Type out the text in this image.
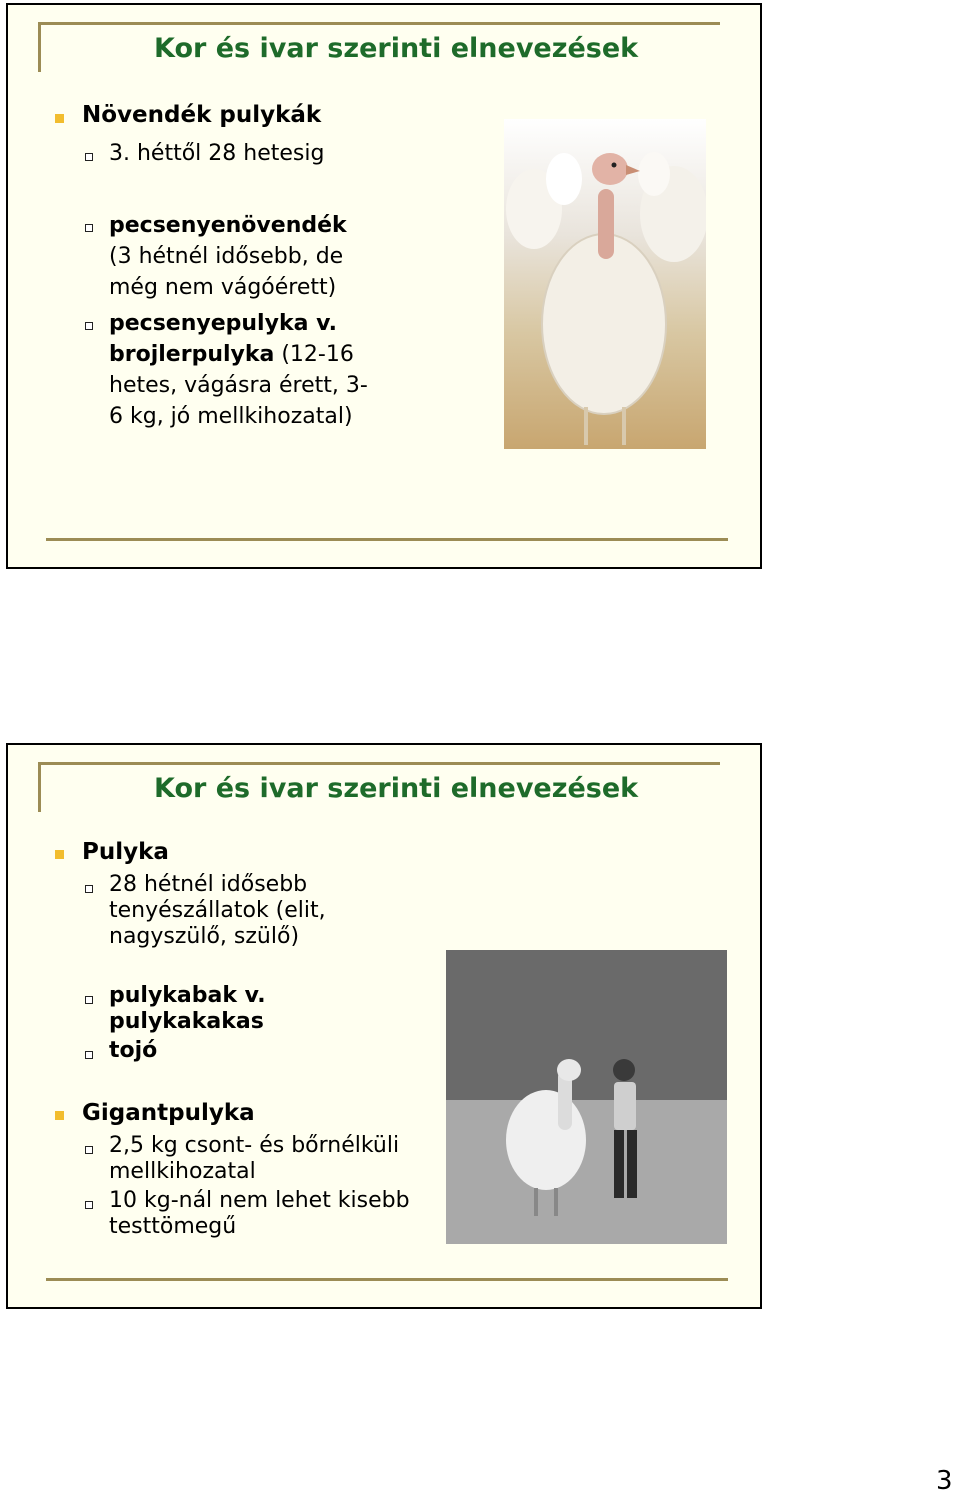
Kor és ivar szerinti elnevezések
Növendék pulykák
3. héttől 28 hetesig
pecsenyenövendék
(3 hétnél idősebb, de
még nem vágóérett)
pecsenyepulyka v.
brojlerpulyka (12-16
hetes, vágásra érett, 3-
6 kg, jó mellkihozatal)
Kor és ivar szerinti elnevezések
Pulyka
28 hétnél idősebb
tenyészállatok (elit,
nagyszülő, szülő)
pulykabak v.
pulykakakas
tojó
Gigantpulyka
2,5 kg csont- és bőrnélküli
mellkihozatal
10 kg-nál nem lehet kisebb
testtömegű
3
